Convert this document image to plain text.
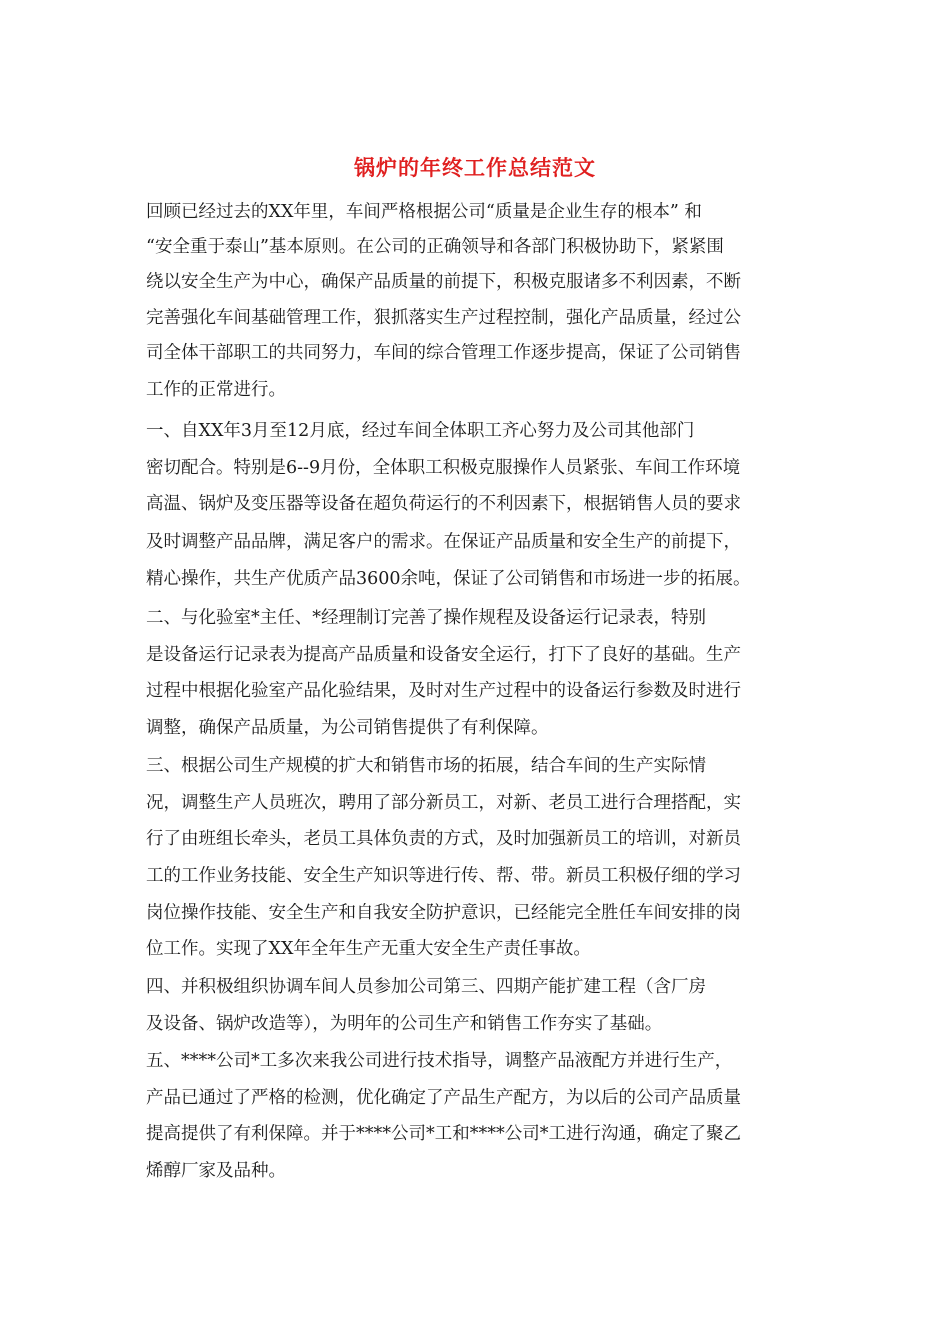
锅炉的年终工作总结范文
回顾已经过去的XX年里，车间严格根据公司“质量是企业生存的根本” 和
“安全重于泰山”基本原则。在公司的正确领导和各部门积极协助下，紧紧围
绕以安全生产为中心，确保产品质量的前提下，积极克服诸多不利因素，不断
完善强化车间基础管理工作，狠抓落实生产过程控制，强化产品质量，经过公
司全体干部职工的共同努力，车间的综合管理工作逐步提高，保证了公司销售
工作的正常进行。
一、自XX年3月至12月底，经过车间全体职工齐心努力及公司其他部门
密切配合。特别是6--9月份，全体职工积极克服操作人员紧张、车间工作环境
高温、锅炉及变压器等设备在超负荷运行的不利因素下，根据销售人员的要求
及时调整产品品牌，满足客户的需求。在保证产品质量和安全生产的前提下，
精心操作，共生产优质产品3600余吨，保证了公司销售和市场进一步的拓展。
二、与化验室*主任、*经理制订完善了操作规程及设备运行记录表，特别
是设备运行记录表为提高产品质量和设备安全运行，打下了良好的基础。生产
过程中根据化验室产品化验结果，及时对生产过程中的设备运行参数及时进行
调整，确保产品质量，为公司销售提供了有利保障。
三、根据公司生产规模的扩大和销售市场的拓展，结合车间的生产实际情
况，调整生产人员班次，聘用了部分新员工，对新、老员工进行合理搭配，实
行了由班组长牵头，老员工具体负责的方式，及时加强新员工的培训，对新员
工的工作业务技能、安全生产知识等进行传、帮、带。新员工积极仔细的学习
岗位操作技能、安全生产和自我安全防护意识，已经能完全胜任车间安排的岗
位工作。实现了XX年全年生产无重大安全生产责任事故。
四、并积极组织协调车间人员参加公司第三、四期产能扩建工程（含厂房
及设备、锅炉改造等），为明年的公司生产和销售工作夯实了基础。
五、****公司*工多次来我公司进行技术指导，调整产品液配方并进行生产，
产品已通过了严格的检测，优化确定了产品生产配方，为以后的公司产品质量
提高提供了有利保障。并于****公司*工和****公司*工进行沟通，确定了聚乙
烯醇厂家及品种。
